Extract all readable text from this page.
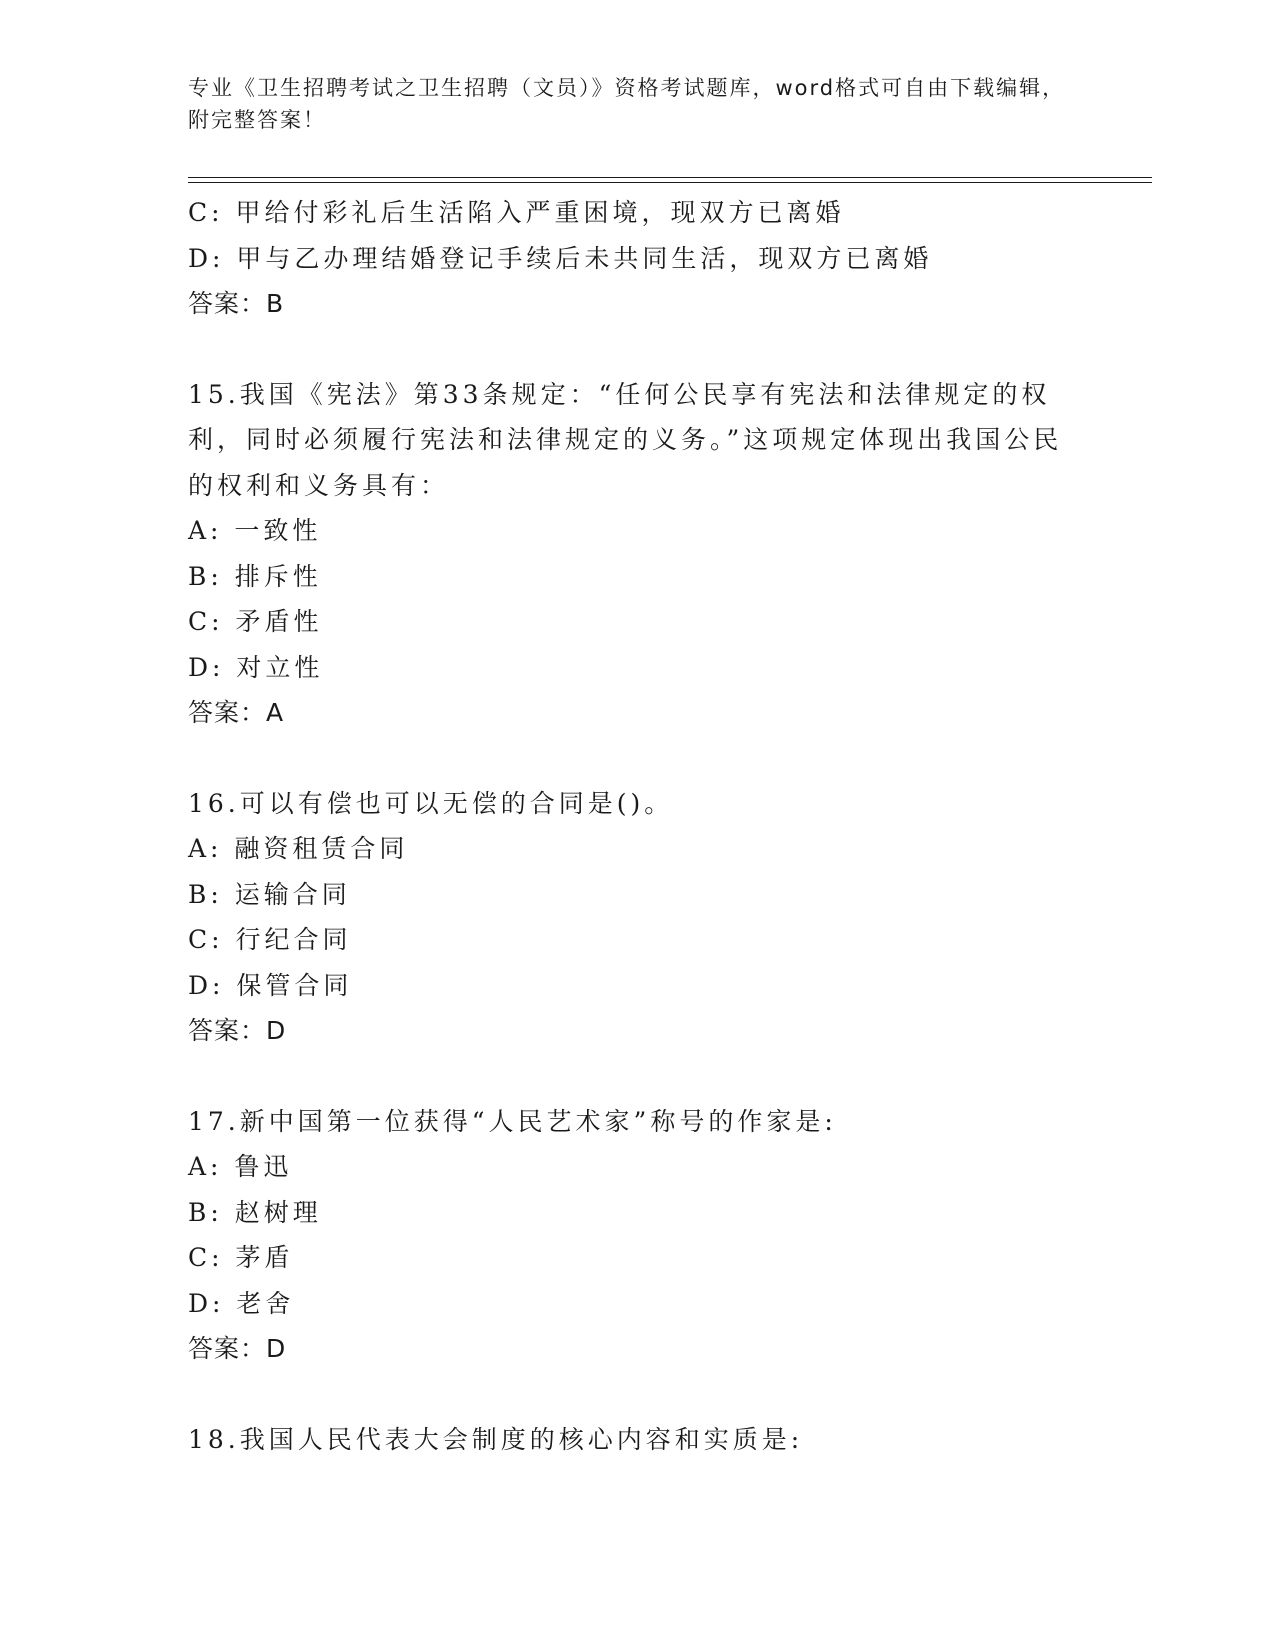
专业《卫生招聘考试之卫生招聘（文员）》资格考试题库，word格式可自由下载编辑，附完整答案！
C: 甲给付彩礼后生活陷入严重困境，现双方已离婚
D: 甲与乙办理结婚登记手续后未共同生活，现双方已离婚
答案：B
15.我国《宪法》第33条规定：“任何公民享有宪法和法律规定的权利，同时必须履行宪法和法律规定的义务。”这项规定体现出我国公民的权利和义务具有：
A: 一致性
B: 排斥性
C: 矛盾性
D: 对立性
答案：A
16.可以有偿也可以无偿的合同是()。
A: 融资租赁合同
B: 运输合同
C: 行纪合同
D: 保管合同
答案：D
17.新中国第一位获得“人民艺术家”称号的作家是:
A: 鲁迅
B: 赵树理
C: 茅盾
D: 老舍
答案：D
18.我国人民代表大会制度的核心内容和实质是:
